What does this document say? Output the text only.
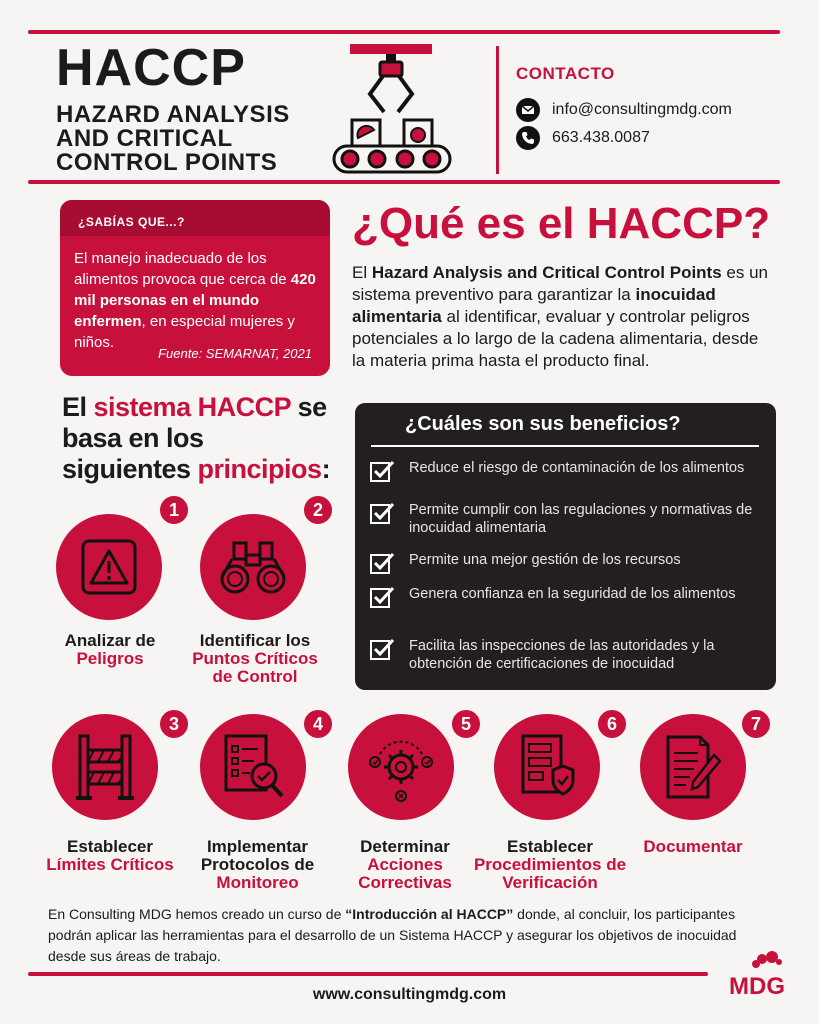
HACCP
HAZARD ANALYSIS
AND CRITICAL
CONTROL POINTS
CONTACTO
info@consultingmdg.com
663.438.0087
¿SABÍAS QUE...?
El manejo inadecuado de los alimentos provoca que cerca de 420 mil personas en el mundo enfermen, en especial mujeres y niños.
Fuente: SEMARNAT, 2021
¿Qué es el HACCP?
El Hazard Analysis and Critical Control Points es un sistema preventivo para garantizar la inocuidad alimentaria al identificar, evaluar y controlar peligros potenciales a lo largo de la cadena alimentaria, desde la materia prima hasta el producto final.
El sistema HACCP se basa en los siguientes principios:
¿Cuáles son sus beneficios?
Reduce el riesgo de contaminación de los alimentos
Permite cumplir con las regulaciones y normativas de inocuidad alimentaria
Permite una mejor gestión de los recursos
Genera confianza en la seguridad de los alimentos
Facilita las inspecciones de las autoridades y la obtención de certificaciones de inocuidad
1
Analizar de
Peligros
2
Identificar los
Puntos Críticos de Control
3
Establecer
Límites Críticos
4
Implementar Protocolos de
Monitoreo
5
Determinar
Acciones Correctivas
6
Establecer
Procedimientos de Verificación
7
Documentar
En Consulting MDG hemos creado un curso de “Introducción al HACCP” donde, al concluir, los participantes podrán aplicar las herramientas para el desarrollo de un Sistema HACCP y asegurar los objetivos de inocuidad desde sus áreas de trabajo.
www.consultingmdg.com	MDG
